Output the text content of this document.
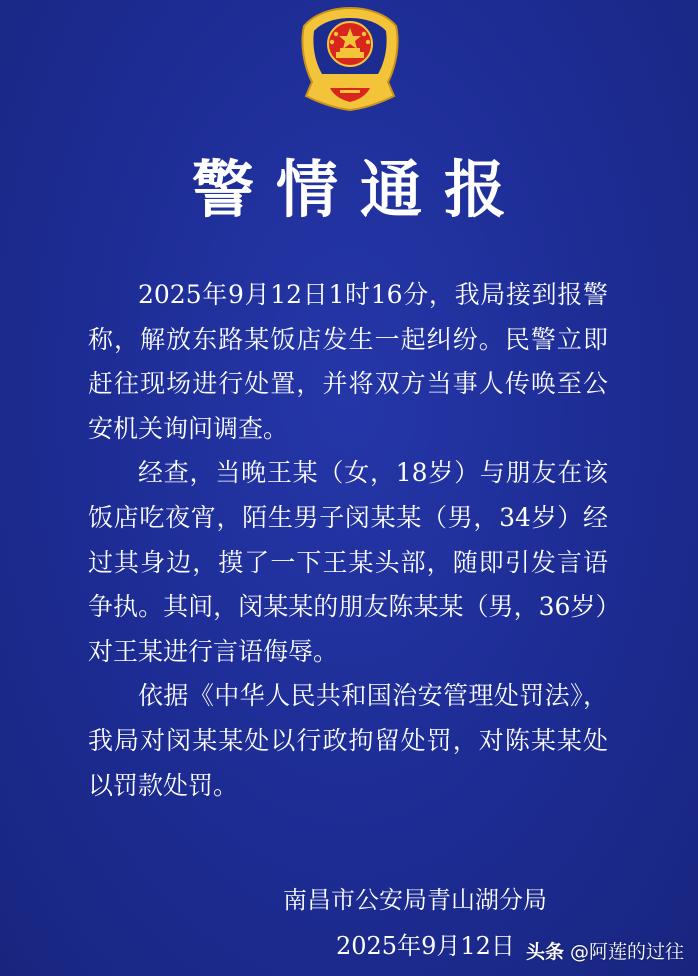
警情通报

2025年9月12日1时16分，我局接到报警称，解放东路某饭店发生一起纠纷。民警立即赶往现场进行处置，并将双方当事人传唤至公安机关询问调查。

经查，当晚王某（女，18岁）与朋友在该饭店吃夜宵，陌生男子闵某某（男，34岁）经过其身边，摸了一下王某头部，随即引发言语争执。其间，闵某某的朋友陈某某（男，36岁）对王某进行言语侮辱。

依据《中华人民共和国治安管理处罚法》，我局对闵某某处以行政拘留处罚，对陈某某处以罚款处罚。

南昌市公安局青山湖分局
2025年9月12日 头条 @阿莲的过往
